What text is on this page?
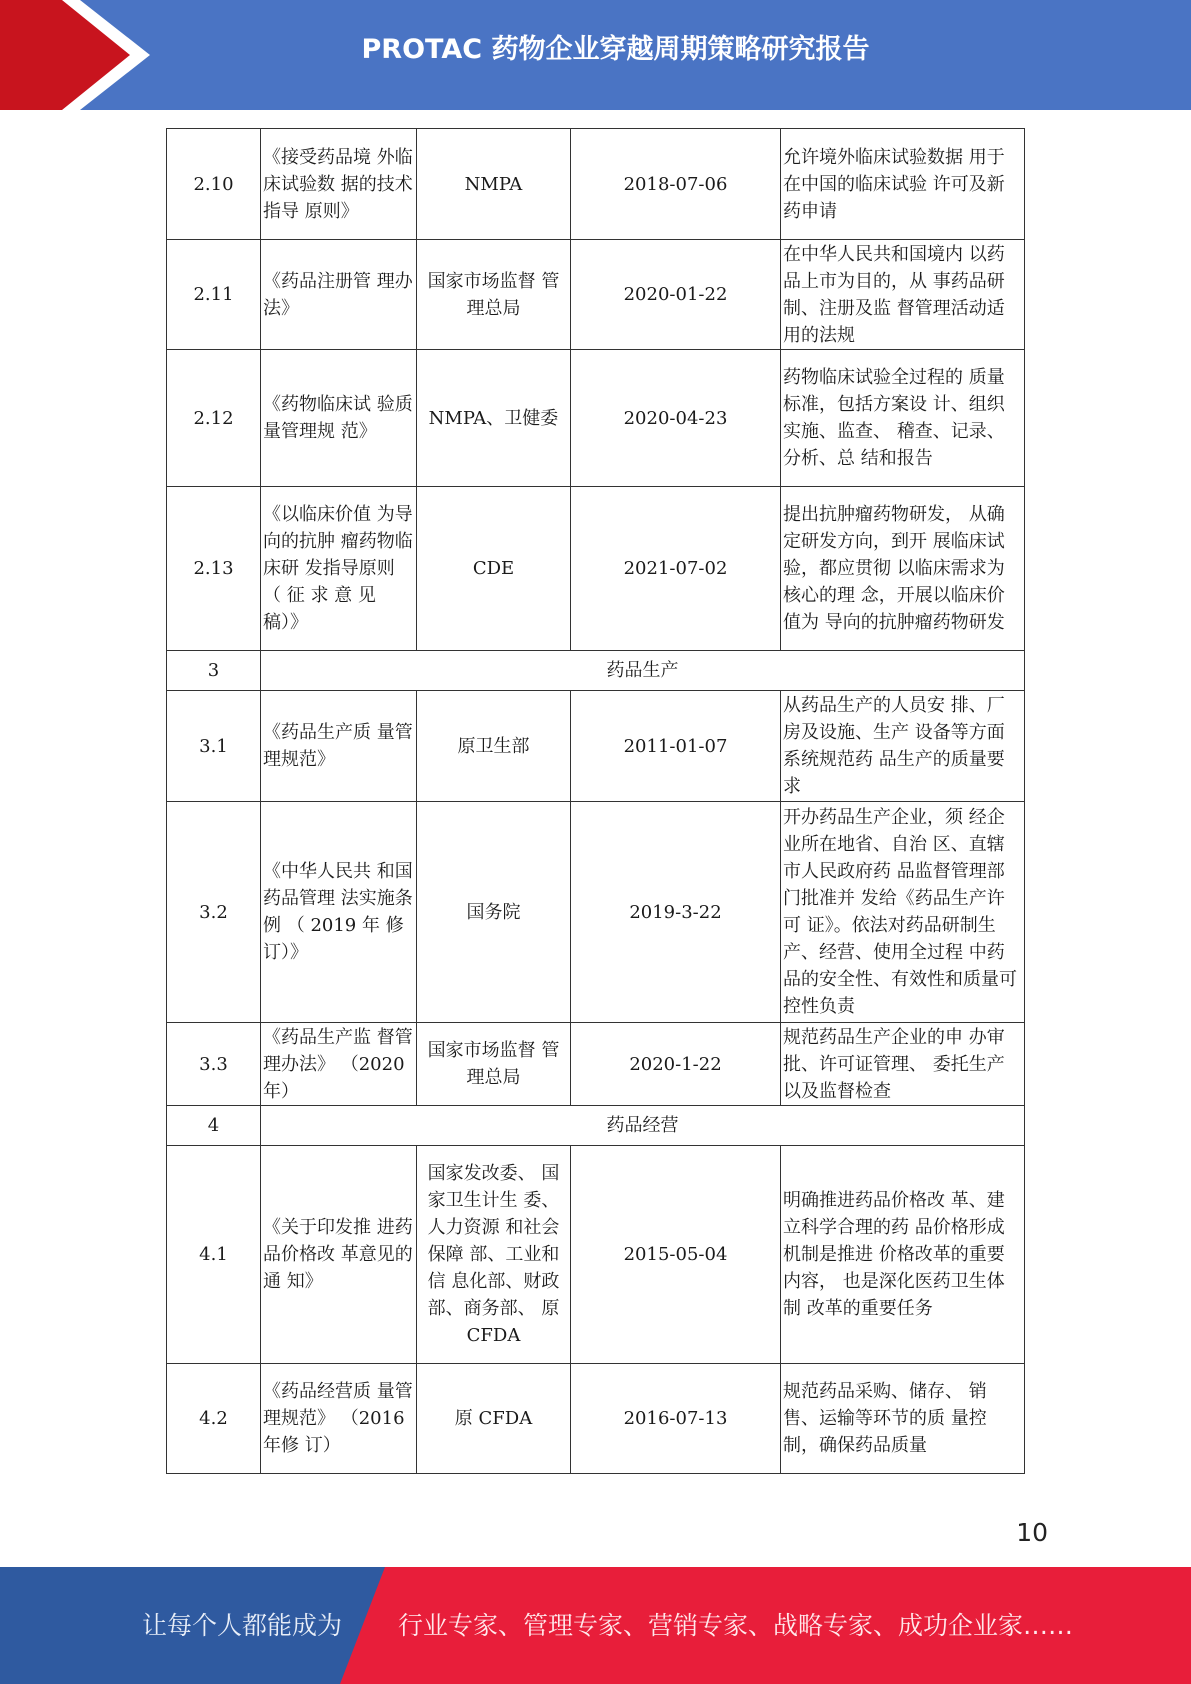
PROTAC 药物企业穿越周期策略研究报告
2.10	《接受药品境 外临床试验数 据的技术指导 原则》	NMPA	2018-07-06	允许境外临床试验数据 用于在中国的临床试验 许可及新药申请
2.11	《药品注册管 理办法》	国家市场监督 管理总局	2020-01-22	在中华人民共和国境内 以药品上市为目的，从 事药品研制、注册及监 督管理活动适用的法规
2.12	《药物临床试 验质量管理规 范》	NMPA、卫健委	2020-04-23	药物临床试验全过程的 质量标准，包括方案设 计、组织实施、监查、 稽查、记录、分析、总 结和报告
2.13	《以临床价值 为导向的抗肿 瘤药物临床研 发指导原则 （ 征 求 意 见 稿）》	CDE	2021-07-02	提出抗肿瘤药物研发， 从确定研发方向，到开 展临床试验，都应贯彻 以临床需求为核心的理 念，开展以临床价值为 导向的抗肿瘤药物研发
3	药品生产			
3.1	《药品生产质 量管理规范》	原卫生部	2011-01-07	从药品生产的人员安 排、厂房及设施、生产 设备等方面系统规范药 品生产的质量要求
3.2	《中华人民共 和国药品管理 法实施条例 （ 2019 年 修 订）》	国务院	2019-3-22	开办药品生产企业，须 经企业所在地省、自治 区、直辖市人民政府药 品监督管理部门批准并 发给《药品生产许可 证》。依法对药品研制生 产、经营、使用全过程 中药品的安全性、有效性和质量可控性负责
3.3	《药品生产监 督管理办法》 （2020 年）	国家市场监督 管理总局	2020-1-22	规范药品生产企业的申 办审批、许可证管理、 委托生产以及监督检查
4	药品经营			
4.1	《关于印发推 进药品价格改 革意见的通 知》	国家发改委、 国家卫生计生 委、人力资源 和社会保障 部、工业和信 息化部、财政 部、商务部、 原 CFDA	2015-05-04	明确推进药品价格改 革、建立科学合理的药 品价格形成机制是推进 价格改革的重要内容， 也是深化医药卫生体制 改革的重要任务
4.2	《药品经营质 量管理规范》 （2016 年修 订）	原 CFDA	2016-07-13	规范药品采购、储存、 销售、运输等环节的质 量控制，确保药品质量
10
让每个人都能成为 行业专家、管理专家、营销专家、战略专家、成功企业家……
